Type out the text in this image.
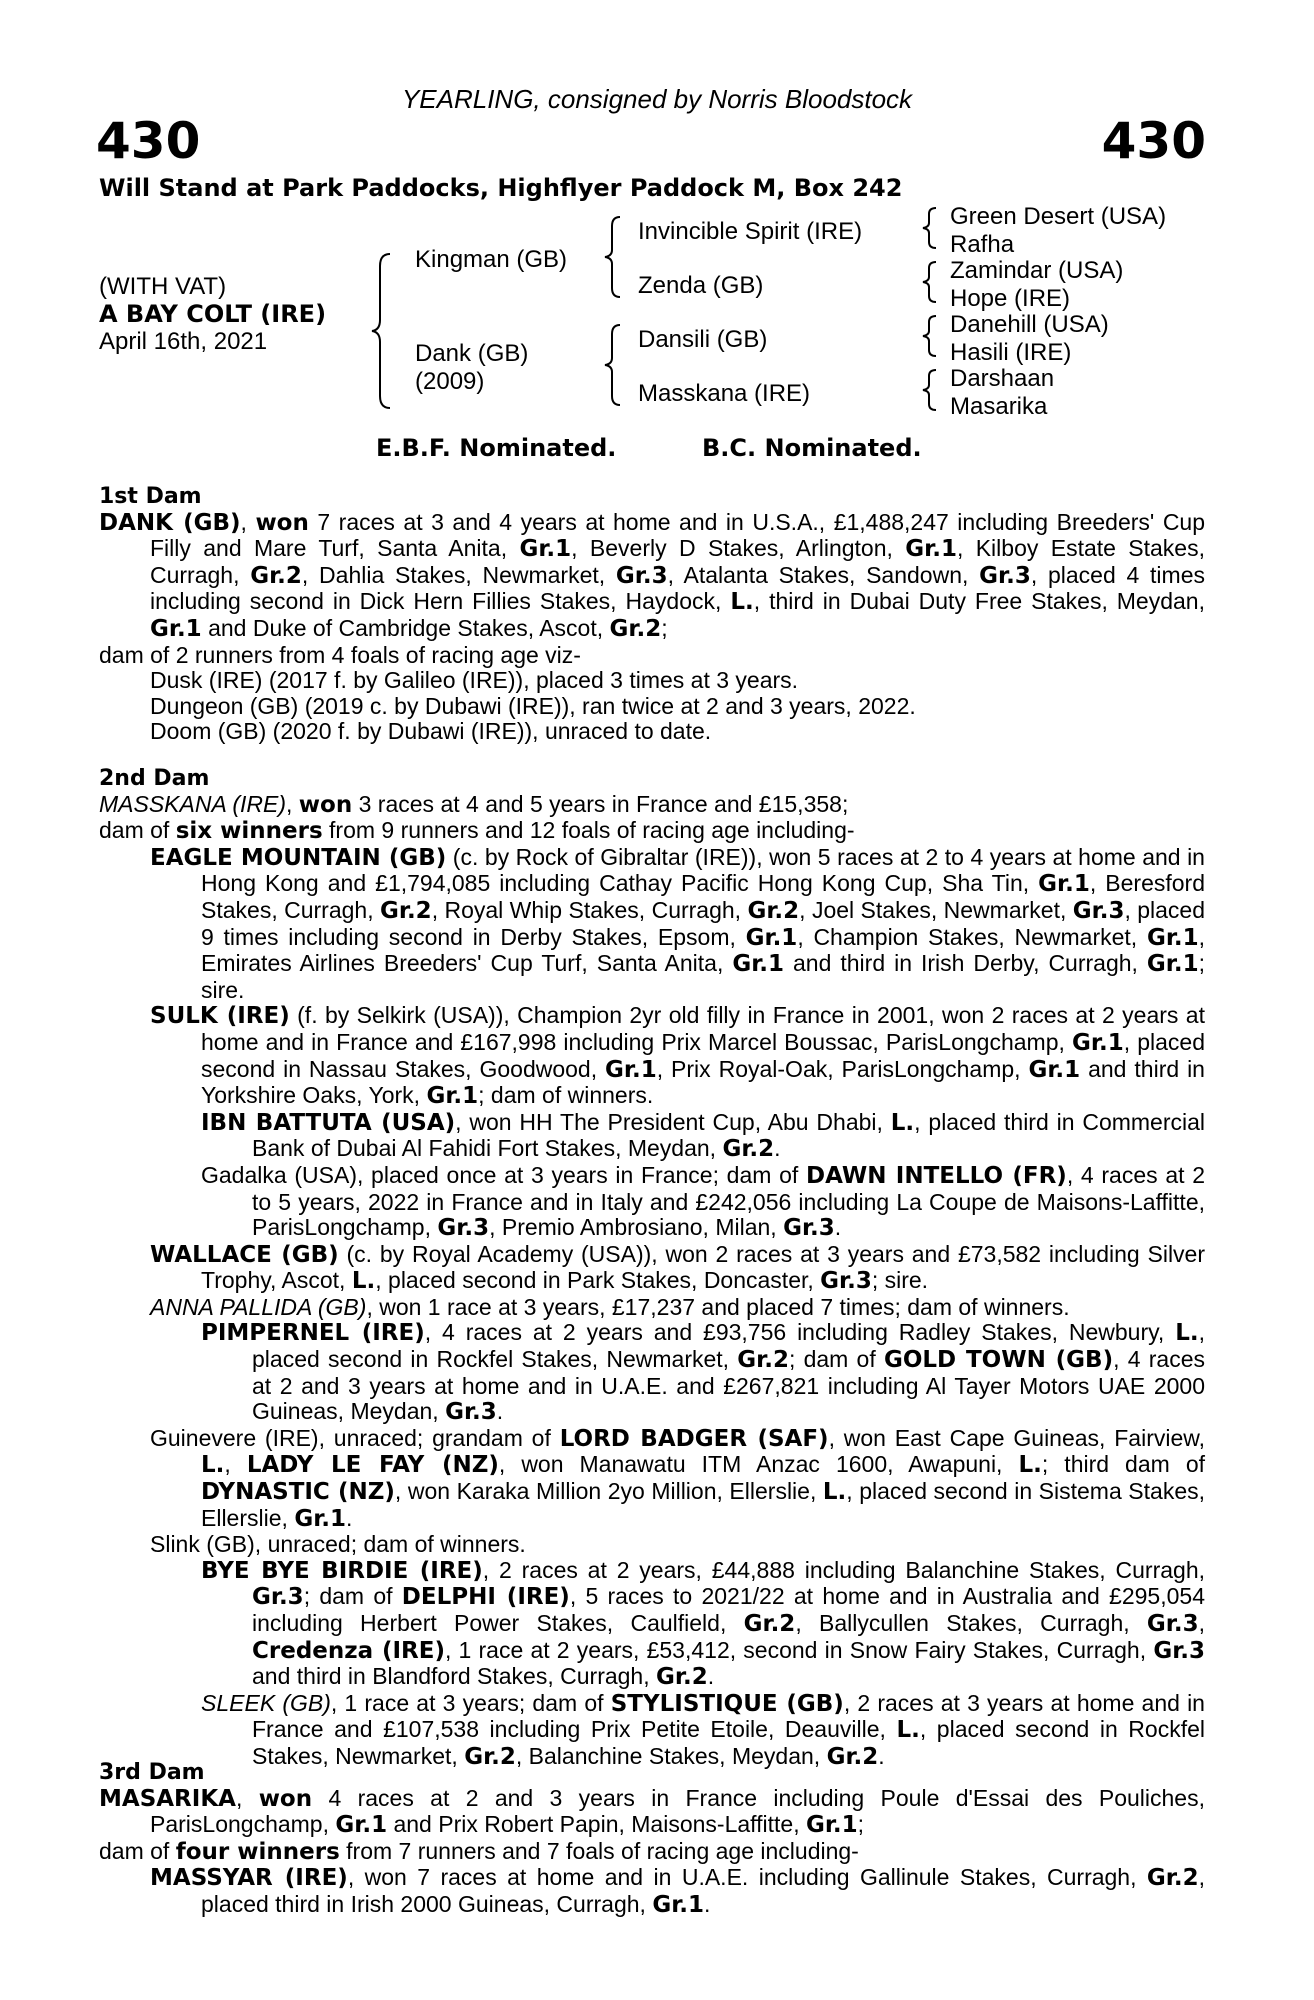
YEARLING, consigned by Norris Bloodstock
430	430
Will Stand at Park Paddocks, Highflyer Paddock M, Box 242
(WITH VAT)
A BAY COLT (IRE)
April 16th, 2021
Kingman (GB)
Dank (GB)
(2009)
Invincible Spirit (IRE)
Zenda (GB)
Dansili (GB)
Masskana (IRE)
Green Desert (USA)
Rafha
Zamindar (USA)
Hope (IRE)
Danehill (USA)
Hasili (IRE)
Darshaan
Masarika
E.B.F. Nominated.	B.C. Nominated.

1st Dam

DANK (GB), won 7 races at 3 and 4 years at home and in U.S.A., £1,488,247 including Breeders' Cup Filly and Mare Turf, Santa Anita, Gr.1, Beverly D Stakes, Arlington, Gr.1, Kilboy Estate Stakes, Curragh, Gr.2, Dahlia Stakes, Newmarket, Gr.3, Atalanta Stakes, Sandown, Gr.3, placed 4 times including second in Dick Hern Fillies Stakes, Haydock, L., third in Dubai Duty Free Stakes, Meydan, Gr.1 and Duke of Cambridge Stakes, Ascot, Gr.2;

dam of 2 runners from 4 foals of racing age viz-

Dusk (IRE) (2017 f. by Galileo (IRE)), placed 3 times at 3 years.

Dungeon (GB) (2019 c. by Dubawi (IRE)), ran twice at 2 and 3 years, 2022.

Doom (GB) (2020 f. by Dubawi (IRE)), unraced to date.

2nd Dam

MASSKANA (IRE), won 3 races at 4 and 5 years in France and £15,358;

dam of six winners from 9 runners and 12 foals of racing age including-

EAGLE MOUNTAIN (GB) (c. by Rock of Gibraltar (IRE)), won 5 races at 2 to 4 years at home and in Hong Kong and £1,794,085 including Cathay Pacific Hong Kong Cup, Sha Tin, Gr.1, Beresford Stakes, Curragh, Gr.2, Royal Whip Stakes, Curragh, Gr.2, Joel Stakes, Newmarket, Gr.3, placed 9 times including second in Derby Stakes, Epsom, Gr.1, Champion Stakes, Newmarket, Gr.1, Emirates Airlines Breeders' Cup Turf, Santa Anita, Gr.1 and third in Irish Derby, Curragh, Gr.1; sire.

SULK (IRE) (f. by Selkirk (USA)), Champion 2yr old filly in France in 2001, won 2 races at 2 years at home and in France and £167,998 including Prix Marcel Boussac, ParisLongchamp, Gr.1, placed second in Nassau Stakes, Goodwood, Gr.1, Prix Royal-Oak, ParisLongchamp, Gr.1 and third in Yorkshire Oaks, York, Gr.1; dam of winners.

IBN BATTUTA (USA), won HH The President Cup, Abu Dhabi, L., placed third in Commercial Bank of Dubai Al Fahidi Fort Stakes, Meydan, Gr.2.

Gadalka (USA), placed once at 3 years in France; dam of DAWN INTELLO (FR), 4 races at 2 to 5 years, 2022 in France and in Italy and £242,056 including La Coupe de Maisons-Laffitte, ParisLongchamp, Gr.3, Premio Ambrosiano, Milan, Gr.3.

WALLACE (GB) (c. by Royal Academy (USA)), won 2 races at 3 years and £73,582 including Silver Trophy, Ascot, L., placed second in Park Stakes, Doncaster, Gr.3; sire.

ANNA PALLIDA (GB), won 1 race at 3 years, £17,237 and placed 7 times; dam of winners.

PIMPERNEL (IRE), 4 races at 2 years and £93,756 including Radley Stakes, Newbury, L., placed second in Rockfel Stakes, Newmarket, Gr.2; dam of GOLD TOWN (GB), 4 races at 2 and 3 years at home and in U.A.E. and £267,821 including Al Tayer Motors UAE 2000 Guineas, Meydan, Gr.3.

Guinevere (IRE), unraced; grandam of LORD BADGER (SAF), won East Cape Guineas, Fairview, L., LADY LE FAY (NZ), won Manawatu ITM Anzac 1600, Awapuni, L.; third dam of DYNASTIC (NZ), won Karaka Million 2yo Million, Ellerslie, L., placed second in Sistema Stakes, Ellerslie, Gr.1.

Slink (GB), unraced; dam of winners.

BYE BYE BIRDIE (IRE), 2 races at 2 years, £44,888 including Balanchine Stakes, Curragh, Gr.3; dam of DELPHI (IRE), 5 races to 2021/22 at home and in Australia and £295,054 including Herbert Power Stakes, Caulfield, Gr.2, Ballycullen Stakes, Curragh, Gr.3, Credenza (IRE), 1 race at 2 years, £53,412, second in Snow Fairy Stakes, Curragh, Gr.3 and third in Blandford Stakes, Curragh, Gr.2.

SLEEK (GB), 1 race at 3 years; dam of STYLISTIQUE (GB), 2 races at 3 years at home and in France and £107,538 including Prix Petite Etoile, Deauville, L., placed second in Rockfel Stakes, Newmarket, Gr.2, Balanchine Stakes, Meydan, Gr.2.

3rd Dam

MASARIKA, won 4 races at 2 and 3 years in France including Poule d'Essai des Pouliches, ParisLongchamp, Gr.1 and Prix Robert Papin, Maisons-Laffitte, Gr.1;

dam of four winners from 7 runners and 7 foals of racing age including-

MASSYAR (IRE), won 7 races at home and in U.A.E. including Gallinule Stakes, Curragh, Gr.2, placed third in Irish 2000 Guineas, Curragh, Gr.1.
